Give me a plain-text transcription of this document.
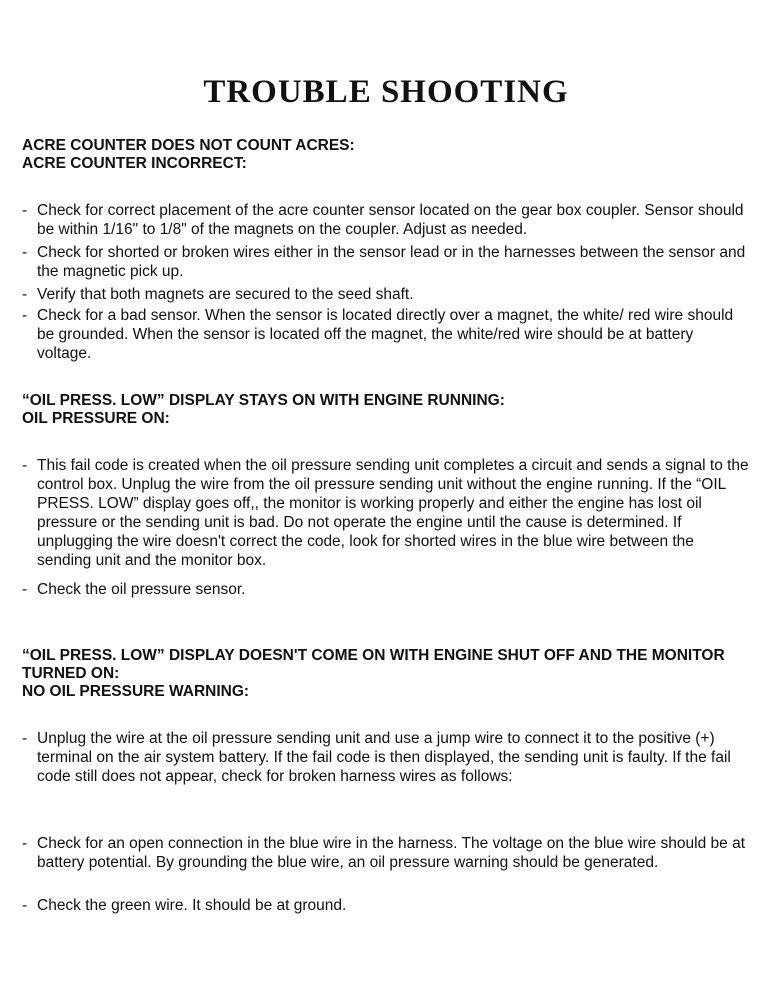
TROUBLE SHOOTING

ACRE COUNTER DOES NOT COUNT ACRES:

ACRE COUNTER INCORRECT:

- Check for correct placement of the acre counter sensor located on the gear box coupler. Sensor should be within 1/16" to 1/8" of the magnets on the coupler. Adjust as needed.
- Check for shorted or broken wires either in the sensor lead or in the harnesses between the sensor and the magnetic pick up.
- Verify that both magnets are secured to the seed shaft.
- Check for a bad sensor. When the sensor is located directly over a magnet, the white/ red wire should be grounded. When the sensor is located off the magnet, the white/red wire should be at battery voltage.

“OIL PRESS. LOW” DISPLAY STAYS ON WITH ENGINE RUNNING:

OIL PRESSURE ON:

- This fail code is created when the oil pressure sending unit completes a circuit and sends a signal to the control box. Unplug the wire from the oil pressure sending unit without the engine running. If the “OIL PRESS. LOW” display goes off,, the monitor is working properly and either the engine has lost oil pressure or the sending unit is bad. Do not operate the engine until the cause is determined. If unplugging the wire doesn't correct the code, look for shorted wires in the blue wire between the sending unit and the monitor box.
- Check the oil pressure sensor.

“OIL PRESS. LOW” DISPLAY DOESN'T COME ON WITH ENGINE SHUT OFF AND THE MONITOR TURNED ON:

NO OIL PRESSURE WARNING:

- Unplug the wire at the oil pressure sending unit and use a jump wire to connect it to the positive (+) terminal on the air system battery. If the fail code is then displayed, the sending unit is faulty. If the fail code still does not appear, check for broken harness wires as follows:
- Check for an open connection in the blue wire in the harness. The voltage on the blue wire should be at battery potential. By grounding the blue wire, an oil pressure warning should be generated.
- Check the green wire. It should be at ground.
